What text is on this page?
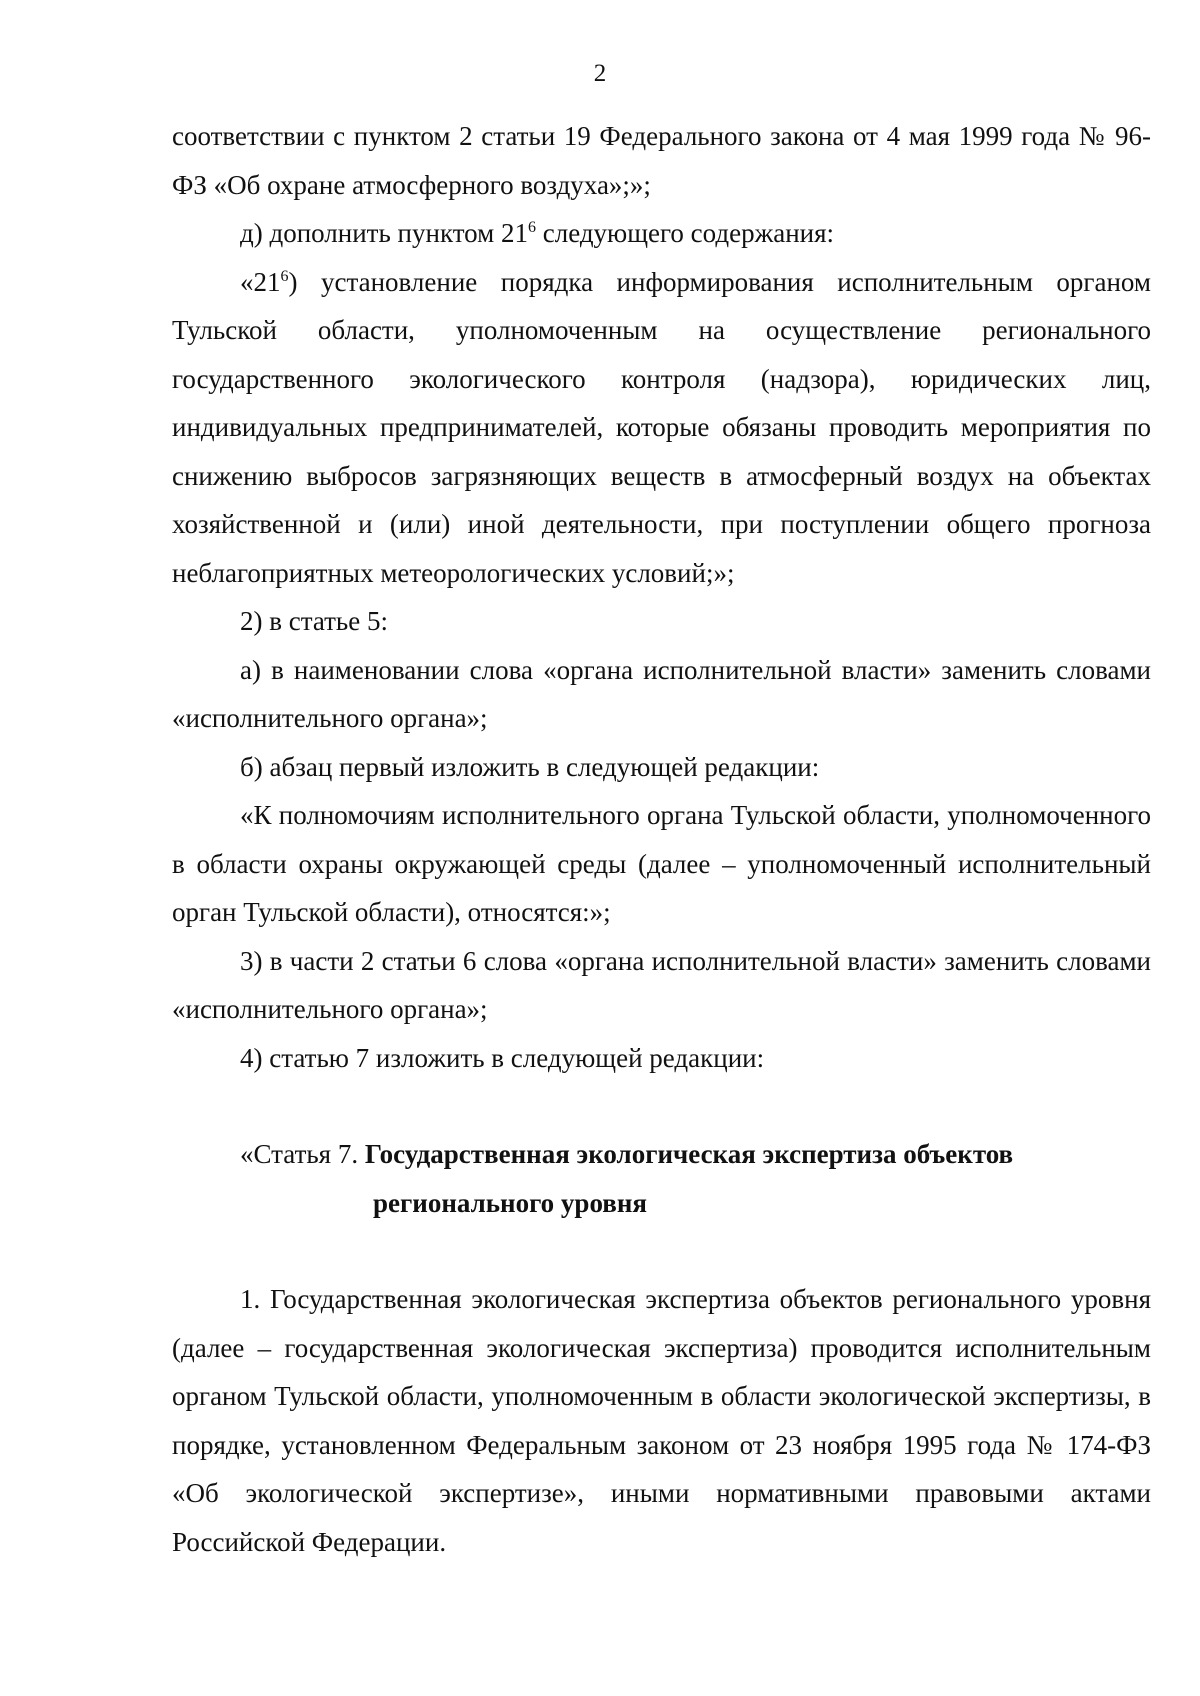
2

соответствии с пунктом 2 статьи 19 Федерального закона от 4 мая 1999 года № 96-ФЗ «Об охране атмосферного воздуха»;»;

д) дополнить пунктом $21^6$ следующего содержания:

«$21^6$) установление порядка информирования исполнительным органом Тульской области, уполномоченным на осуществление регионального государственного экологического контроля (надзора), юридических лиц, индивидуальных предпринимателей, которые обязаны проводить мероприятия по снижению выбросов загрязняющих веществ в атмосферный воздух на объектах хозяйственной и (или) иной деятельности, при поступлении общего прогноза неблагоприятных метеорологических условий;»;

2) в статье 5:

а) в наименовании слова «органа исполнительной власти» заменить словами «исполнительного органа»;

б) абзац первый изложить в следующей редакции:

«К полномочиям исполнительного органа Тульской области, уполномоченного в области охраны окружающей среды (далее – уполномоченный исполнительный орган Тульской области), относятся:»;

3) в части 2 статьи 6 слова «органа исполнительной власти» заменить словами «исполнительного органа»;

4) статью 7 изложить в следующей редакции:

«Статья 7. Государственная экологическая экспертиза объектов
регионального уровня

1. Государственная экологическая экспертиза объектов регионального уровня (далее – государственная экологическая экспертиза) проводится исполнительным органом Тульской области, уполномоченным в области экологической экспертизы, в порядке, установленном Федеральным законом от 23 ноября 1995 года № 174-ФЗ «Об экологической экспертизе», иными нормативными правовыми актами Российской Федерации.
